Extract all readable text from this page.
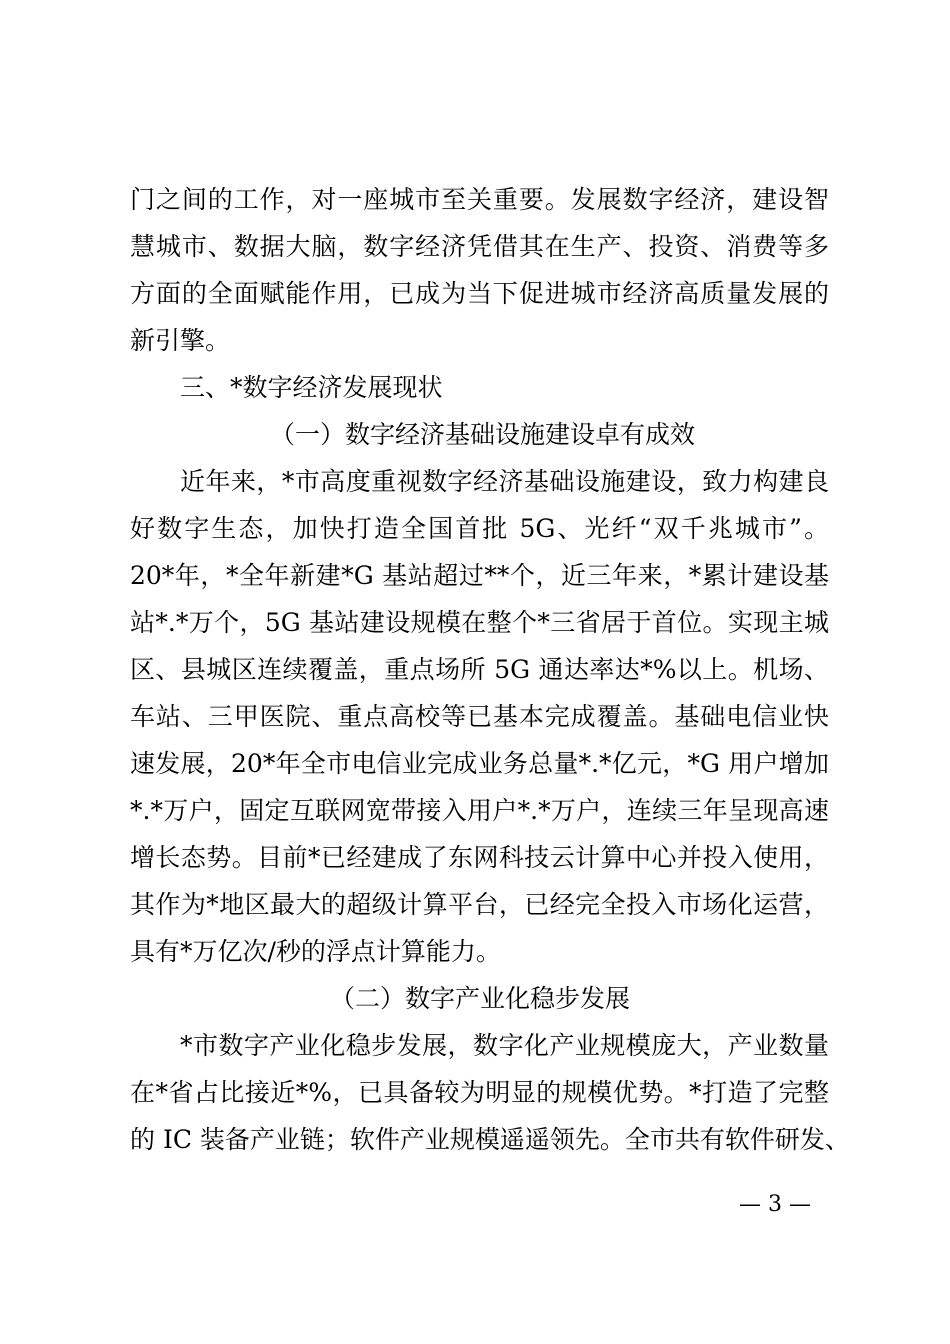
门之间的工作，对一座城市至关重要。发展数字经济，建设智

慧城市、数据大脑，数字经济凭借其在生产、投资、消费等多

方面的全面赋能作用，已成为当下促进城市经济高质量发展的

新引擎。

三、*数字经济发展现状

（一）数字经济基础设施建设卓有成效

近年来，*市高度重视数字经济基础设施建设，致力构建良

好数字生态，加快打造全国首批 5G、光纤“双千兆城市”。

20*年，*全年新建*G 基站超过**个，近三年来，*累计建设基

站*.*万个，5G 基站建设规模在整个*三省居于首位。实现主城

区、县城区连续覆盖，重点场所 5G 通达率达*%以上。机场、

车站、三甲医院、重点高校等已基本完成覆盖。基础电信业快

速发展，20*年全市电信业完成业务总量*.*亿元，*G 用户增加

*.*万户，固定互联网宽带接入用户*.*万户，连续三年呈现高速

增长态势。目前*已经建成了东网科技云计算中心并投入使用，

其作为*地区最大的超级计算平台，已经完全投入市场化运营，

具有*万亿次/秒的浮点计算能力。

（二）数字产业化稳步发展

*市数字产业化稳步发展，数字化产业规模庞大，产业数量

在*省占比接近*%，已具备较为明显的规模优势。*打造了完整

的 IC 装备产业链；软件产业规模遥遥领先。全市共有软件研发、

— 3 —
